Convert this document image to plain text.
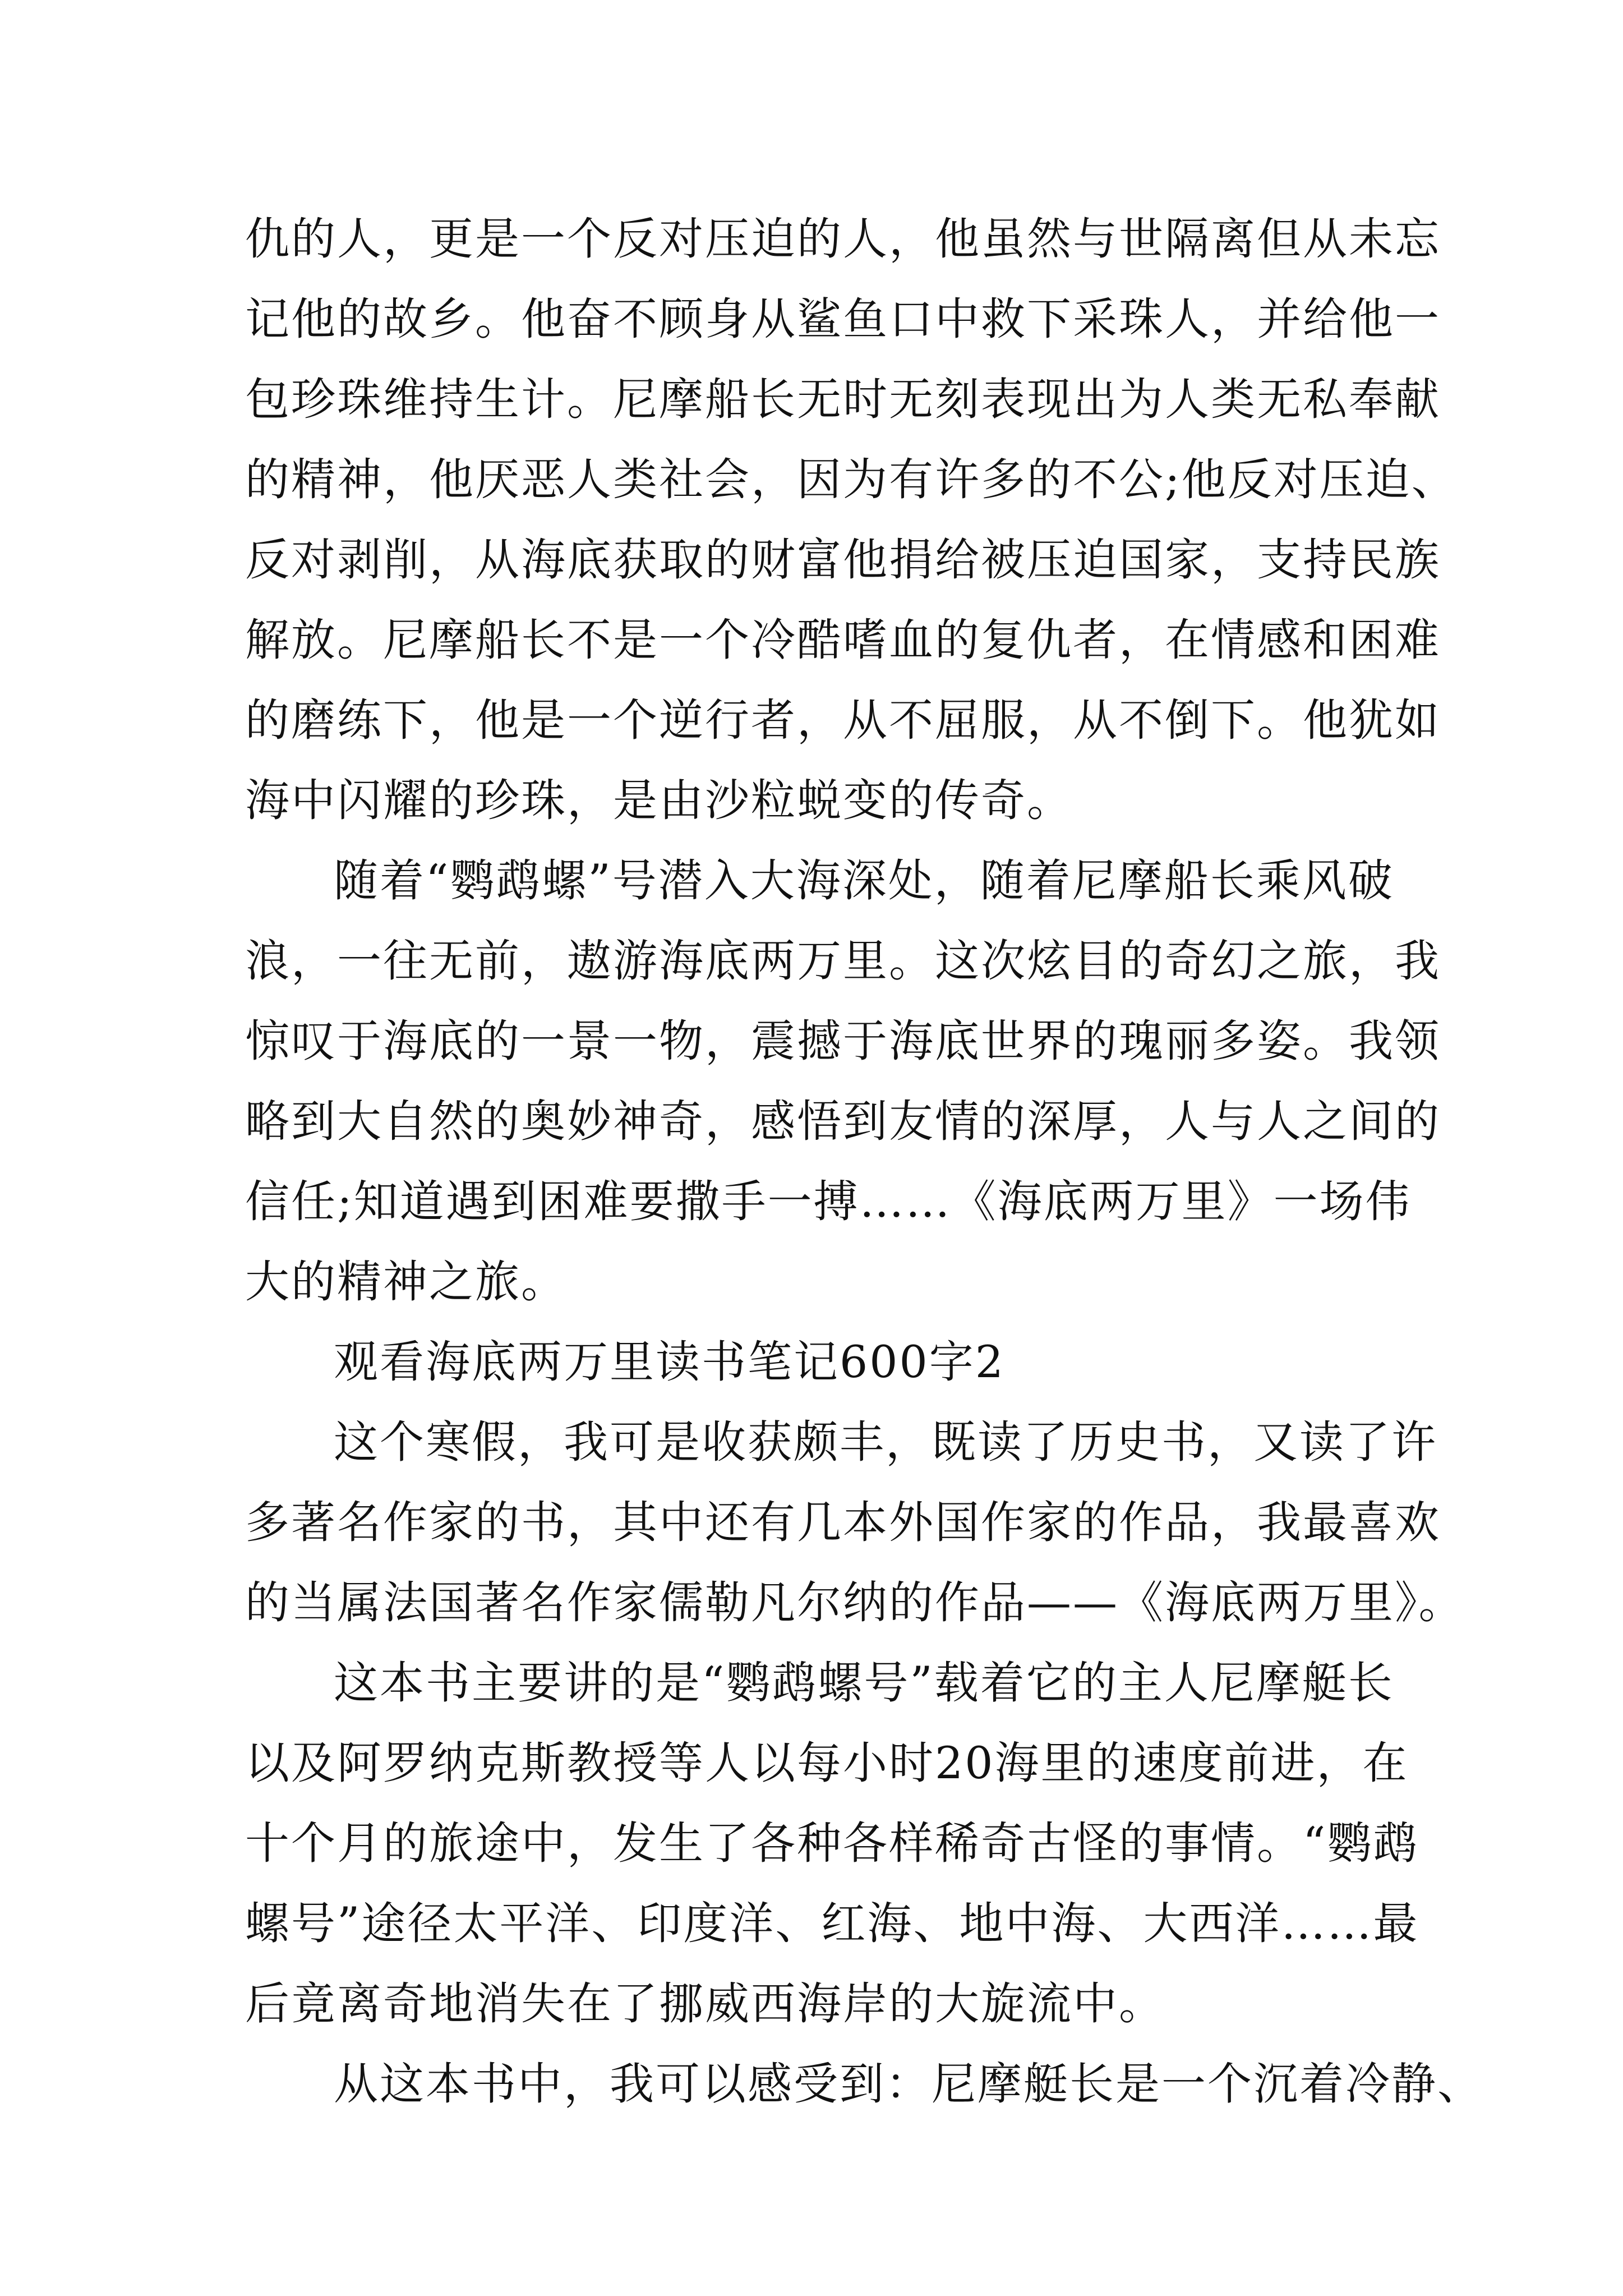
仇的人，更是一个反对压迫的人，他虽然与世隔离但从未忘
记他的故乡。他奋不顾身从鲨鱼口中救下采珠人，并给他一
包珍珠维持生计。尼摩船长无时无刻表现出为人类无私奉献
的精神，他厌恶人类社会，因为有许多的不公;他反对压迫、
反对剥削，从海底获取的财富他捐给被压迫国家，支持民族
解放。尼摩船长不是一个冷酷嗜血的复仇者，在情感和困难
的磨练下，他是一个逆行者，从不屈服，从不倒下。他犹如
海中闪耀的珍珠，是由沙粒蜕变的传奇。
随着“鹦鹉螺”号潜入大海深处，随着尼摩船长乘风破
浪，一往无前，遨游海底两万里。这次炫目的奇幻之旅，我
惊叹于海底的一景一物，震撼于海底世界的瑰丽多姿。我领
略到大自然的奥妙神奇，感悟到友情的深厚，人与人之间的
信任;知道遇到困难要撒手一搏……《海底两万里》一场伟
大的精神之旅。
观看海底两万里读书笔记600字2
这个寒假，我可是收获颇丰，既读了历史书，又读了许
多著名作家的书，其中还有几本外国作家的作品，我最喜欢
的当属法国著名作家儒勒凡尔纳的作品——《海底两万里》。
这本书主要讲的是“鹦鹉螺号”载着它的主人尼摩艇长
以及阿罗纳克斯教授等人以每小时20海里的速度前进，在
十个月的旅途中，发生了各种各样稀奇古怪的事情。“鹦鹉
螺号”途径太平洋、印度洋、红海、地中海、大西洋……最
后竟离奇地消失在了挪威西海岸的大旋流中。
从这本书中，我可以感受到：尼摩艇长是一个沉着冷静、
